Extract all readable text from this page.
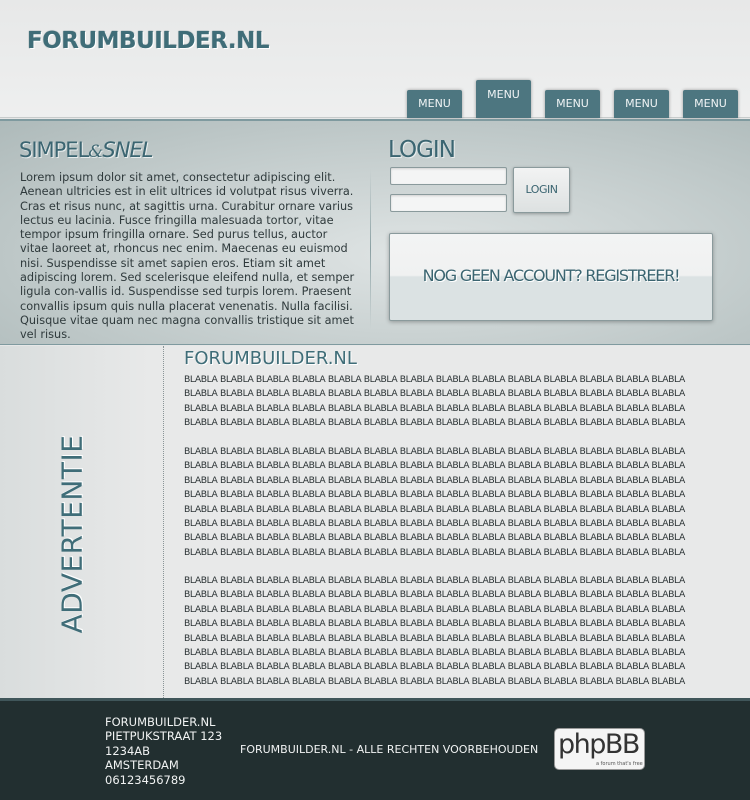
FORUMBUILDER.NL
MENU
MENU
MENU	MENU	MENU
SIMPEL&SNEL
Lorem ipsum dolor sit amet, consectetur adipiscing elit. Aenean ultricies est in elit ultrices id volutpat risus viverra. Cras et risus nunc, at sagittis urna. Curabitur ornare varius lectus eu lacinia. Fusce fringilla malesuada tortor, vitae tempor ipsum fringilla ornare. Sed purus tellus, auctor vitae laoreet at, rhoncus nec enim. Maecenas eu euismod nisi. Suspendisse sit amet sapien eros. Etiam sit amet adipiscing lorem. Sed scelerisque eleifend nulla, et semper ligula con-vallis id. Suspendisse sed turpis lorem. Praesent convallis ipsum quis nulla placerat venenatis. Nulla facilisi. Quisque vitae quam nec magna convallis tristique sit amet vel risus.
LOGIN
LOGIN
NOG GEEN ACCOUNT? REGISTREER!
ADVERTENTIE
FORUMBUILDER.NL
BLABLA BLABLA BLABLA BLABLA BLABLA BLABLA BLABLA BLABLA BLABLA BLABLA BLABLA BLABLA BLABLA BLABLA BLABLA BLABLA BLABLA BLABLA BLABLA BLABLA BLABLA BLABLA BLABLA BLABLA BLABLA BLABLA BLABLA BLABLA BLABLA BLABLA BLABLA BLABLA BLABLA BLABLA BLABLA BLABLA BLABLA BLABLA BLABLA BLABLA BLABLA BLABLA BLABLA BLABLA BLABLA BLABLA BLABLA BLABLA BLABLA BLABLA BLABLA BLABLA BLABLA BLABLA BLABLA BLABLA
BLABLA BLABLA BLABLA BLABLA BLABLA BLABLA BLABLA BLABLA BLABLA BLABLA BLABLA BLABLA BLABLA BLABLA BLABLA BLABLA BLABLA BLABLA BLABLA BLABLA BLABLA BLABLA BLABLA BLABLA BLABLA BLABLA BLABLA BLABLA BLABLA BLABLA BLABLA BLABLA BLABLA BLABLA BLABLA BLABLA BLABLA BLABLA BLABLA BLABLA BLABLA BLABLA BLABLA BLABLA BLABLA BLABLA BLABLA BLABLA BLABLA BLABLA BLABLA BLABLA BLABLA BLABLA BLABLA BLABLA BLABLA BLABLA BLABLA BLABLA BLABLA BLABLA BLABLA BLABLA BLABLA BLABLA BLABLA BLABLA BLABLA BLABLA BLABLA BLABLA BLABLA BLABLA BLABLA BLABLA BLABLA BLABLA BLABLA BLABLA BLABLA BLABLA BLABLA BLABLA BLABLA BLABLA BLABLA BLABLA BLABLA BLABLA BLABLA BLABLA BLABLA BLABLA BLABLA BLABLA BLABLA BLABLA BLABLA BLABLA BLABLA BLABLA BLABLA BLABLA BLABLA BLABLA BLABLA BLABLA BLABLA BLABLA BLABLA BLABLA
BLABLA BLABLA BLABLA BLABLA BLABLA BLABLA BLABLA BLABLA BLABLA BLABLA BLABLA BLABLA BLABLA BLABLA BLABLA BLABLA BLABLA BLABLA BLABLA BLABLA BLABLA BLABLA BLABLA BLABLA BLABLA BLABLA BLABLA BLABLA BLABLA BLABLA BLABLA BLABLA BLABLA BLABLA BLABLA BLABLA BLABLA BLABLA BLABLA BLABLA BLABLA BLABLA BLABLA BLABLA BLABLA BLABLA BLABLA BLABLA BLABLA BLABLA BLABLA BLABLA BLABLA BLABLA BLABLA BLABLA BLABLA BLABLA BLABLA BLABLA BLABLA BLABLA BLABLA BLABLA BLABLA BLABLA BLABLA BLABLA BLABLA BLABLA BLABLA BLABLA BLABLA BLABLA BLABLA BLABLA BLABLA BLABLA BLABLA BLABLA BLABLA BLABLA BLABLA BLABLA BLABLA BLABLA BLABLA BLABLA BLABLA BLABLA BLABLA BLABLA BLABLA BLABLA BLABLA BLABLA BLABLA BLABLA BLABLA BLABLA BLABLA BLABLA BLABLA BLABLA BLABLA BLABLA BLABLA BLABLA BLABLA BLABLA BLABLA BLABLA
FORUMBUILDER.NL
PIETPUKSTRAAT 123
1234AB
AMSTERDAM
06123456789
FORUMBUILDER.NL - ALLE RECHTEN VOORBEHOUDEN phpBB
a forum that's free
